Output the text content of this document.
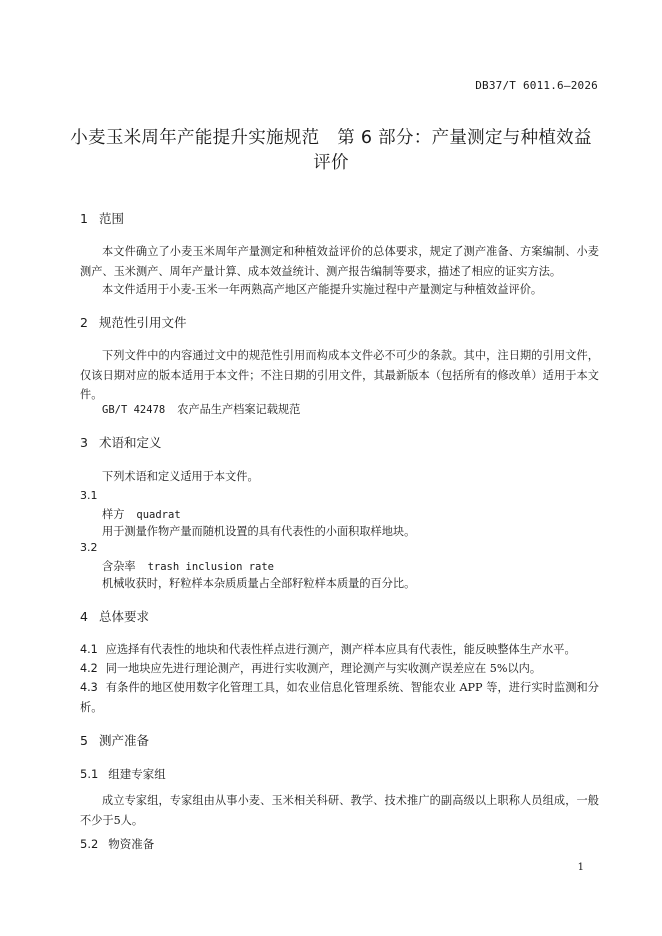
DB37/T 6011.6—2026
小麦玉米周年产能提升实施规范　第 6 部分：产量测定与种植效益
评价
1 范围
本文件确立了小麦玉米周年产量测定和种植效益评价的总体要求，规定了测产准备、方案编制、小麦测产、玉米测产、周年产量计算、成本效益统计、测产报告编制等要求，描述了相应的证实方法。
本文件适用于小麦-玉米一年两熟高产地区产能提升实施过程中产量测定与种植效益评价。
2 规范性引用文件
下列文件中的内容通过文中的规范性引用而构成本文件必不可少的条款。其中，注日期的引用文件，仅该日期对应的版本适用于本文件；不注日期的引用文件，其最新版本（包括所有的修改单）适用于本文件。
GB/T 42478 农产品生产档案记载规范
3 术语和定义
下列术语和定义适用于本文件。
3.1
样方 quadrat
用于测量作物产量而随机设置的具有代表性的小面积取样地块。
3.2
含杂率 trash inclusion rate
机械收获时，籽粒样本杂质质量占全部籽粒样本质量的百分比。
4 总体要求
4.1 应选择有代表性的地块和代表性样点进行测产，测产样本应具有代表性，能反映整体生产水平。
4.2 同一地块应先进行理论测产，再进行实收测产，理论测产与实收测产误差应在 5%以内。
4.3 有条件的地区使用数字化管理工具，如农业信息化管理系统、智能农业 APP 等，进行实时监测和分析。
5 测产准备
5.1 组建专家组
成立专家组，专家组由从事小麦、玉米相关科研、教学、技术推广的副高级以上职称人员组成，一般不少于5人。
5.2 物资准备
1
